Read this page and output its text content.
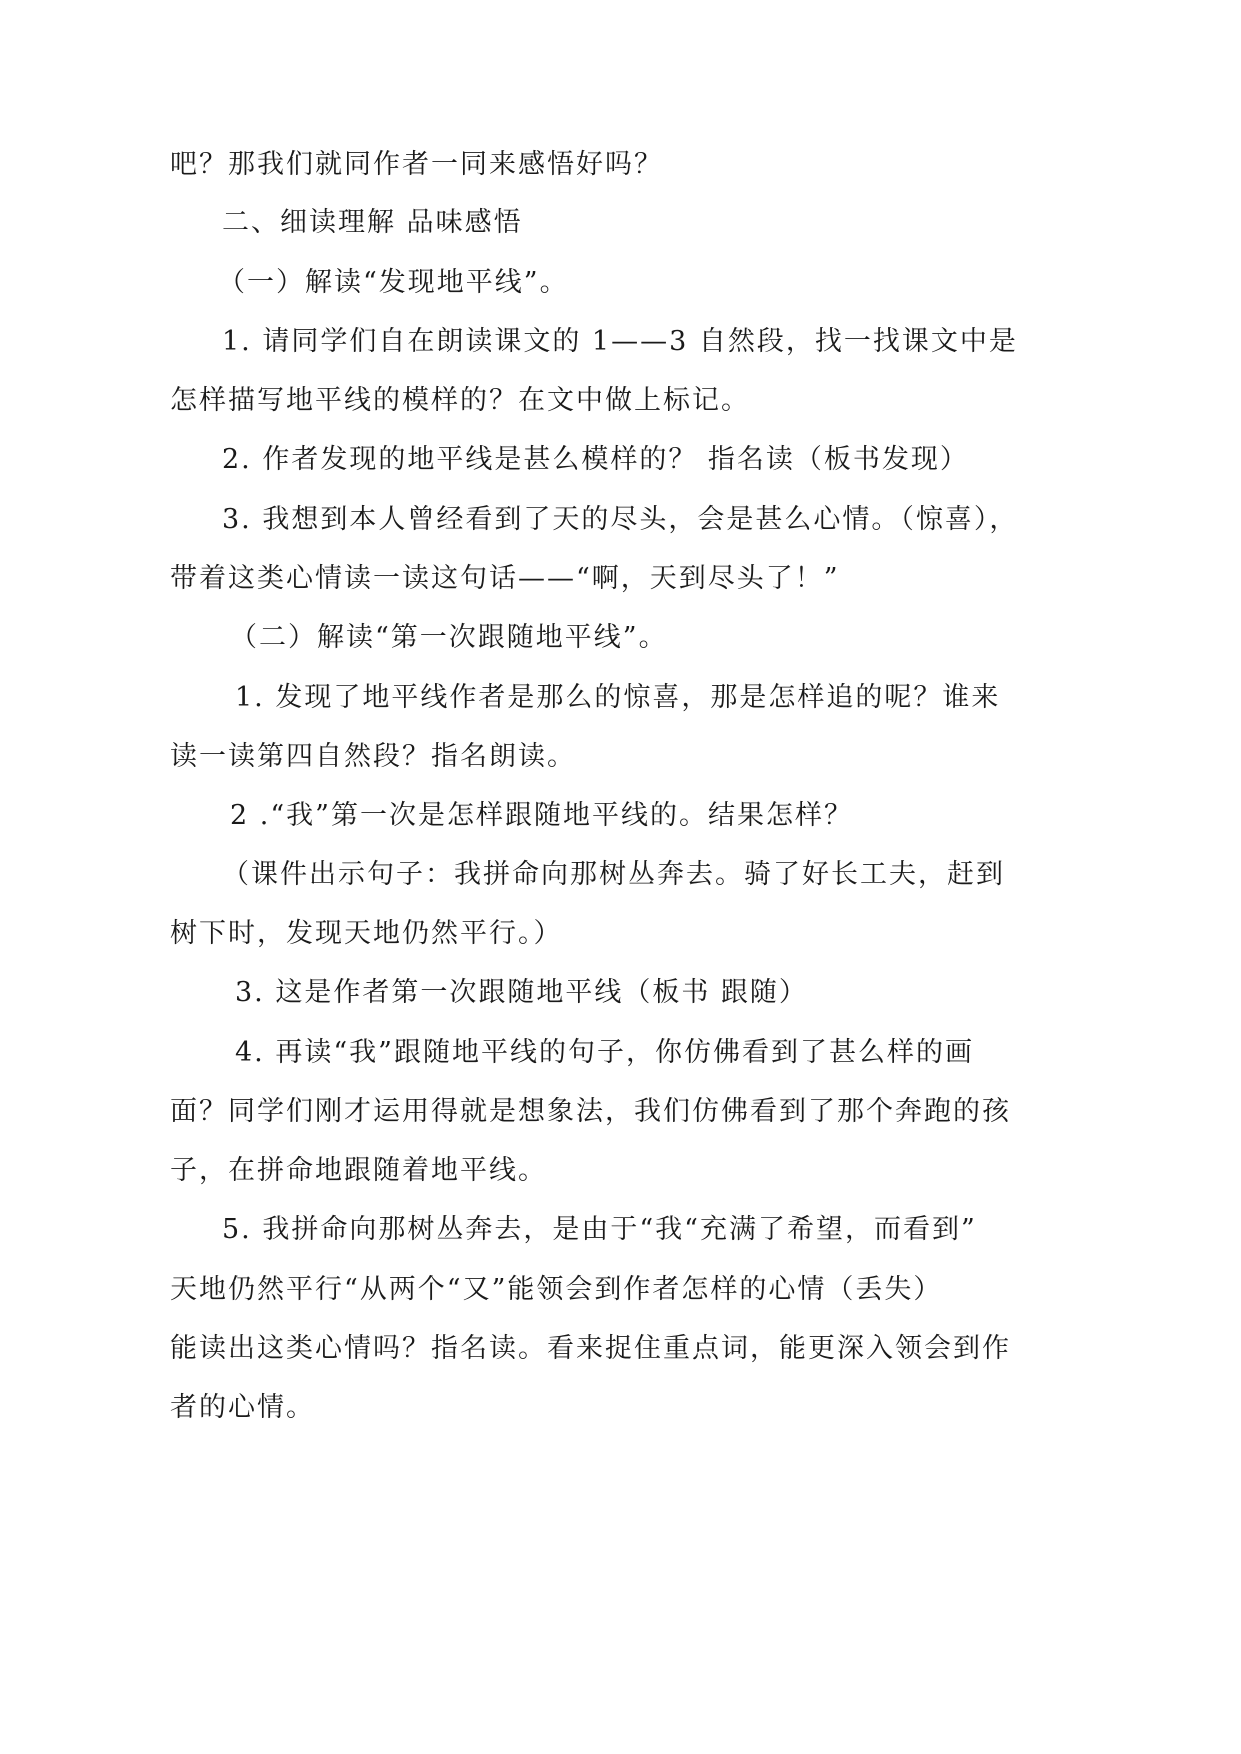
吧？那我们就同作者一同来感悟好吗？
二、细读理解 品味感悟
（一）解读“发现地平线”。
1. 请同学们自在朗读课文的 1——3 自然段，找一找课文中是
怎样描写地平线的模样的？在文中做上标记。
2. 作者发现的地平线是甚么模样的？ 指名读（板书发现）
3. 我想到本人曾经看到了天的尽头，会是甚么心情。（惊喜），
带着这类心情读一读这句话——“啊，天到尽头了！”
（二）解读“第一次跟随地平线”。
1. 发现了地平线作者是那么的惊喜，那是怎样追的呢？谁来
读一读第四自然段？指名朗读。
2 .“我”第一次是怎样跟随地平线的。结果怎样？
（课件出示句子：我拼命向那树丛奔去。骑了好长工夫，赶到
树下时，发现天地仍然平行。）
3. 这是作者第一次跟随地平线（板书 跟随）
4. 再读“我”跟随地平线的句子，你仿佛看到了甚么样的画
面？同学们刚才运用得就是想象法，我们仿佛看到了那个奔跑的孩
子，在拼命地跟随着地平线。
5. 我拼命向那树丛奔去，是由于“我“充满了希望，而看到”
天地仍然平行“从两个“又”能领会到作者怎样的心情（丢失）
能读出这类心情吗？指名读。看来捉住重点词，能更深入领会到作
者的心情。
